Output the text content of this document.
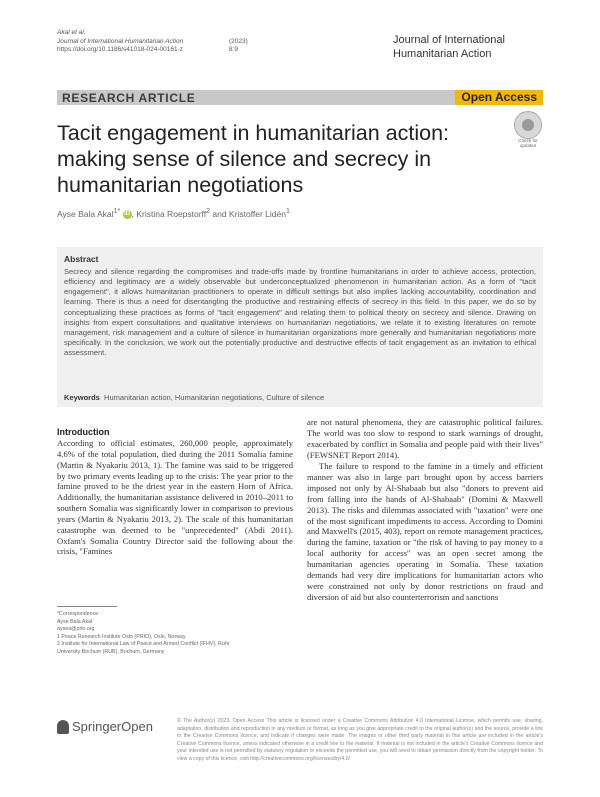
Akal et al.
Journal of International Humanitarian Action	(2023) 8:9
https://doi.org/10.1186/s41018-024-00161-z
Journal of International Humanitarian Action
RESEARCH ARTICLE	Open Access
Tacit engagement in humanitarian action: making sense of silence and secrecy in humanitarian negotiations
Check for updates
Ayse Bala Akal$^{1*}$ iD , Kristina Roepstorff$^2$ and Kristoffer Lidén$^1$
Abstract
Secrecy and silence regarding the compromises and trade-offs made by frontline humanitarians in order to achieve access, protection, efficiency and legitimacy are a widely observable but underconceptualized phenomenon in humanitarian action. As a form of "tacit engagement", it allows humanitarian practitioners to operate in difficult settings but also implies lacking accountability, coordination and learning. There is thus a need for disentangling the productive and restraining effects of secrecy in this field. In this paper, we do so by conceptualizing these practices as forms of "tacit engagement" and relating them to political theory on secrecy and silence. Drawing on insights from expert consultations and qualitative interviews on humanitarian negotiations, we relate it to existing literatures on remote management, risk management and a culture of silence in humanitarian organizations more generally and humanitarian negotiations more specifically. In the conclusion, we work out the potentially productive and destructive effects of tacit engagement as an invitation to ethical assessment.
Keywords Humanitarian action, Humanitarian negotiations, Culture of silence
Introduction
According to official estimates, 260,000 people, approximately 4.6% of the total population, died during the 2011 Somalia famine (Martin & Nyakariu 2013, 1). The famine was said to be triggered by two primary events leading up to the crisis: The year prior to the famine proved to be the driest year in the eastern Horn of Africa. Additionally, the humanitarian assistance delivered in 2010–2011 to southern Somalia was significantly lower in comparison to previous years (Martin & Nyakariu 2013, 2). The scale of this humanitarian catastrophe was deemed to be "unprecedented" (Abdi 2011). Oxfam's Somalia Country Director said the following about the crisis, "Famines

are not natural phenomena, they are catastrophic political failures. The world was too slow to respond to stark warnings of drought, exacerbated by conflict in Somalia and people paid with their lives" (FEWSNET Report 2014).

The failure to respond to the famine in a timely and efficient manner was also in large part brought upon by access barriers imposed not only by Al-Shabaab but also "donors to prevent aid from falling into the hands of Al-Shabaab" (Domini & Maxwell 2013). The risks and dilemmas associated with "taxation" were one of the most significant impediments to access. According to Domini and Maxwell's (2015, 403), report on remote management practices, during the famine, taxation or "the risk of having to pay money to a local authority for access" was an open secret among the humanitarian agencies operating in Somalia. These taxation demands had very dire implications for humanitarian actors who were constrained not only by donor restrictions on fraud and diversion of aid but also counterterrorism and sanctions

*Correspondence:
Ayse Bala Akal
aysea@prio.org
1 Peace Research Institute Oslo (PRIO), Oslo, Norway
2 Institute for International Law of Peace and Armed Conflict (IFHV), Ruhr
University Bochum (RUB), Bochum, Germany
SpringerOpen	© The Author(s) 2023. Open Access This article is licensed under a Creative Commons Attribution 4.0 International License, which permits use, sharing, adaptation, distribution and reproduction in any medium or format, as long as you give appropriate credit to the original author(s) and the source, provide a link to the Creative Commons licence, and indicate if changes were made. The images or other third party material in this article are included in the article's Creative Commons licence, unless indicated otherwise in a credit line to the material. If material is not included in the article's Creative Commons licence and your intended use is not permitted by statutory regulation or exceeds the permitted use, you will need to obtain permission directly from the copyright holder. To view a copy of this licence, visit http://creativecommons.org/licenses/by/4.0/.
